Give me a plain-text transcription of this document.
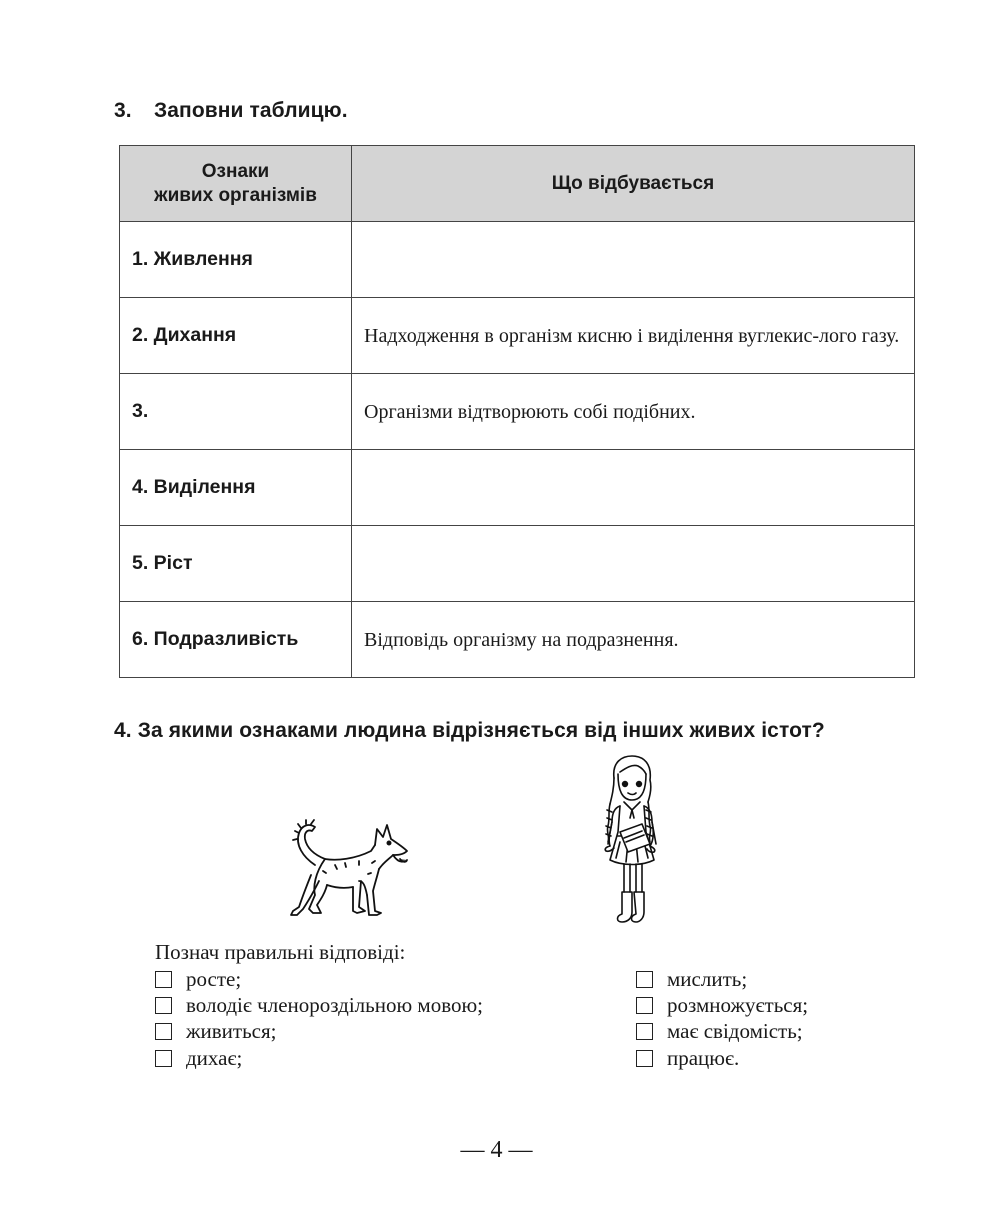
3. Заповни таблицю.
Ознаки
живих організмів	Що відбувається
1. Живлення	
2. Дихання	Надходження в організм кисню і виділення вуглекис-лого газу.
3.	Організми відтворюють собі подібних.
4. Виділення	
5. Ріст	
6. Подразливість	Відповідь організму на подразнення.
4. За якими ознаками людина відрізняється від інших живих істот?
Познач правильні відповіді:
росте;
володіє членороздільною мовою;
живиться;
дихає;
мислить;
розмножується;
має свідомість;
працює.
— 4 —
